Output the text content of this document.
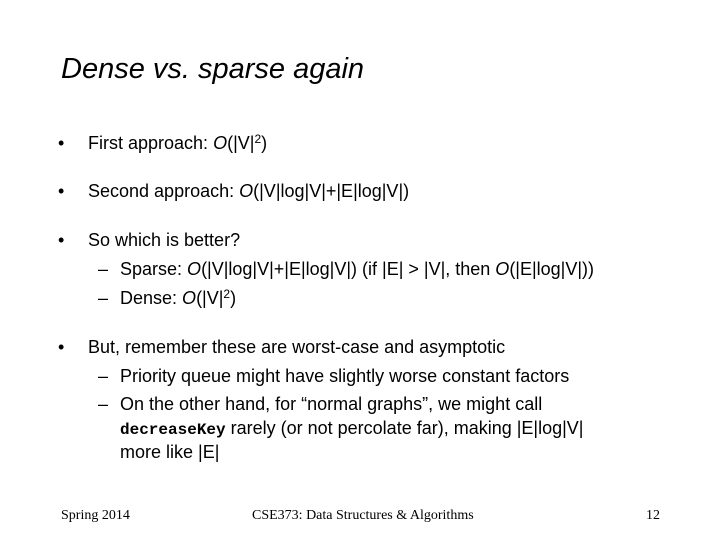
Dense vs. sparse again
• First approach: $O(|V|^2)$
• Second approach: O(|V|log|V|+|E|log|V|)
• So which is better?
– Sparse: O(|V|log|V|+|E|log|V|) (if |E| > |V|, then O(|E|log|V|))
– Dense: $O(|V|^2)$
• But, remember these are worst-case and asymptotic
– Priority queue might have slightly worse constant factors
– On the other hand, for “normal graphs”, we might call
decreaseKey rarely (or not percolate far), making |E|log|V|
more like |E|
Spring 2014	CSE373: Data Structures & Algorithms	12
